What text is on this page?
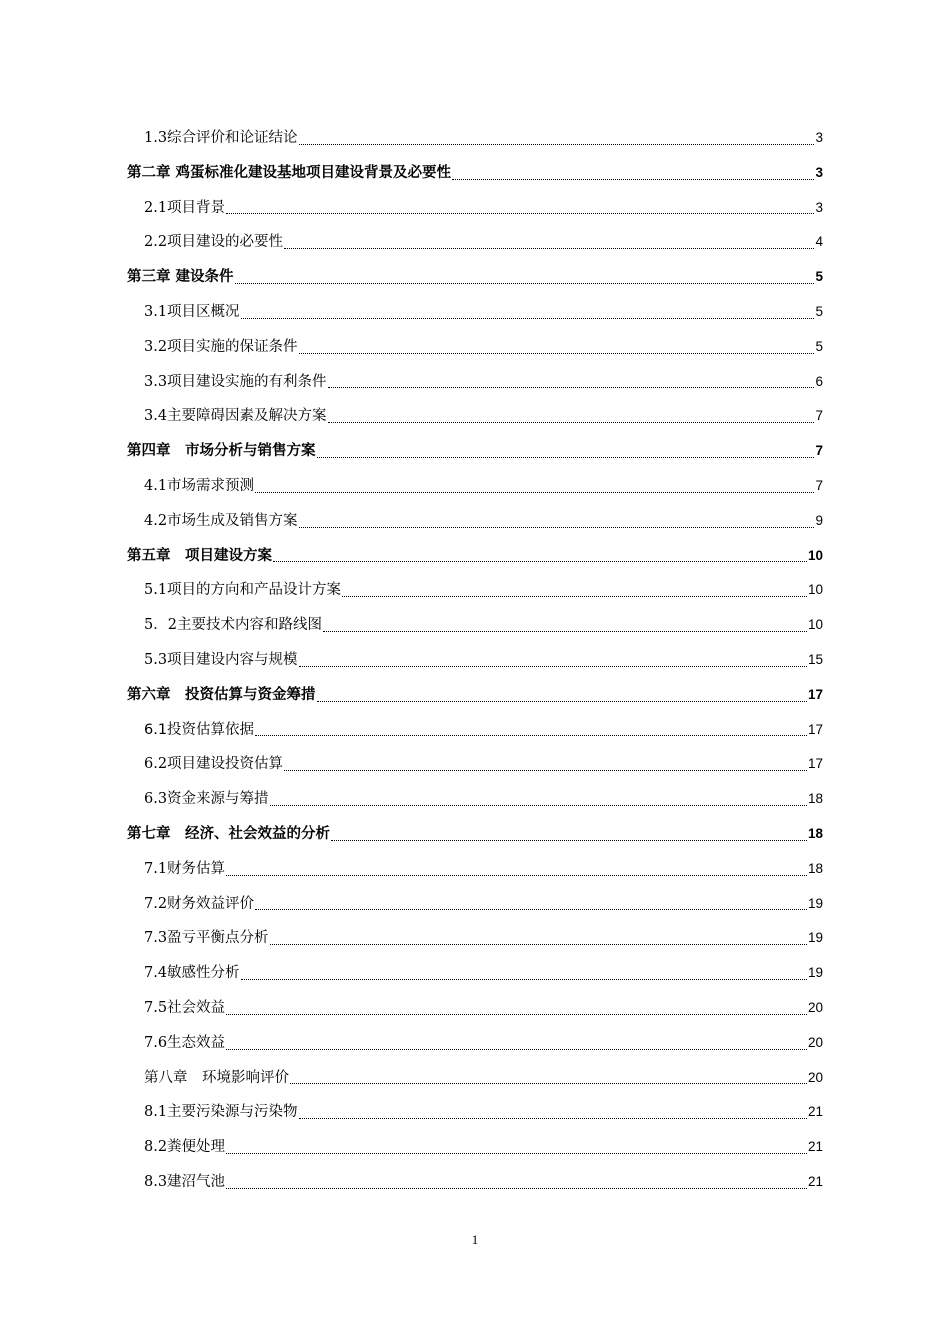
1.3综合评价和论证结论	3
第二章 鸡蛋标准化建设基地项目建设背景及必要性	3
2.1项目背景	3
2.2项目建设的必要性	4
第三章 建设条件	5
3.1项目区概况	5
3.2项目实施的保证条件	5
3.3项目建设实施的有利条件	6
3.4主要障碍因素及解决方案	7
第四章　市场分析与销售方案	7
4.1市场需求预测	7
4.2市场生成及销售方案	9
第五章　项目建设方案	10
5.1项目的方向和产品设计方案	10
5．2主要技术内容和路线图	10
5.3项目建设内容与规模	15
第六章　投资估算与资金筹措	17
6.1投资估算依据	17
6.2项目建设投资估算	17
6.3资金来源与筹措	18
第七章　经济、社会效益的分析	18
7.1财务估算	18
7.2财务效益评价	19
7.3盈亏平衡点分析	19
7.4敏感性分析	19
7.5社会效益	20
7.6生态效益	20
第八章　环境影响评价	20
8.1主要污染源与污染物	21
8.2粪便处理	21
8.3建沼气池	21
1
